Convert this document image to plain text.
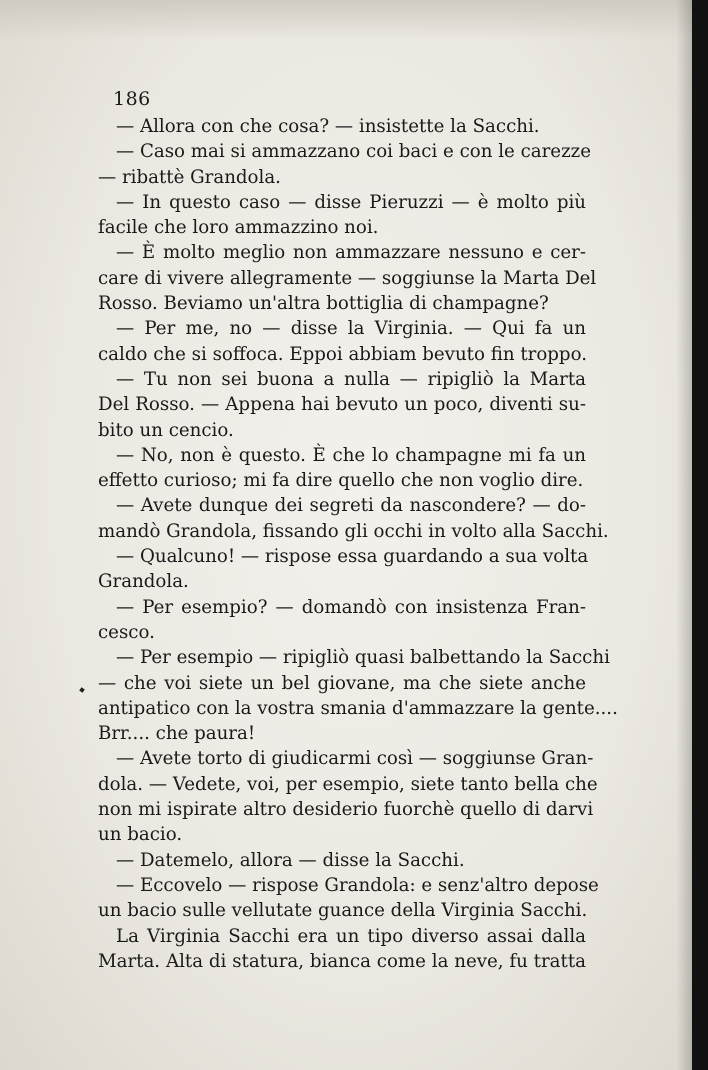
186
— Allora con che cosa? — insistette la Sacchi.
— Caso mai si ammazzano coi baci e con le carezze
— ribattè Grandola.
— In questo caso — disse Pieruzzi — è molto più
facile che loro ammazzino noi.
— È molto meglio non ammazzare nessuno e cer-
care di vivere allegramente — soggiunse la Marta Del
Rosso. Beviamo un'altra bottiglia di champagne?
— Per me, no — disse la Virginia. — Qui fa un
caldo che si soffoca. Eppoi abbiam bevuto fin troppo.
— Tu non sei buona a nulla — ripigliò la Marta
Del Rosso. — Appena hai bevuto un poco, diventi su-
bito un cencio.
— No, non è questo. È che lo champagne mi fa un
effetto curioso; mi fa dire quello che non voglio dire.
— Avete dunque dei segreti da nascondere? — do-
mandò Grandola, fissando gli occhi in volto alla Sacchi.
— Qualcuno! — rispose essa guardando a sua volta
Grandola.
— Per esempio? — domandò con insistenza Fran-
cesco.
— Per esempio — ripigliò quasi balbettando la Sacchi
— che voi siete un bel giovane, ma che siete anche
antipatico con la vostra smania d'ammazzare la gente....
Brr.... che paura!
— Avete torto di giudicarmi così — soggiunse Gran-
dola. — Vedete, voi, per esempio, siete tanto bella che
non mi ispirate altro desiderio fuorchè quello di darvi
un bacio.
— Datemelo, allora — disse la Sacchi.
— Eccovelo — rispose Grandola: e senz'altro depose
un bacio sulle vellutate guance della Virginia Sacchi.
La Virginia Sacchi era un tipo diverso assai dalla
Marta. Alta di statura, bianca come la neve, fu tratta
